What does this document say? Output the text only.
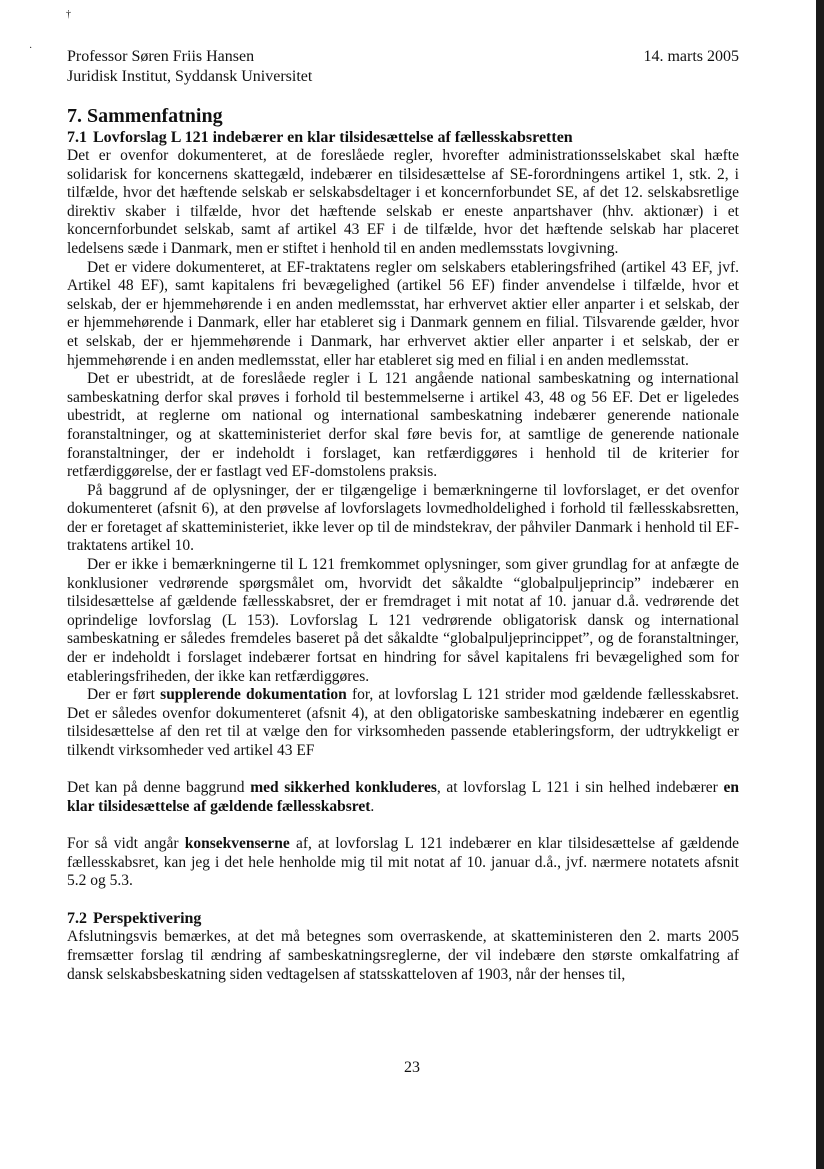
†
· Professor Søren Friis Hansen
Juridisk Institut, Syddansk Universitet
14. marts 2005
7. Sammenfatning
7.1 Lovforslag L 121 indebærer en klar tilsidesættelse af fællesskabsretten

Det er ovenfor dokumenteret, at de foreslåede regler, hvorefter administrationsselskabet skal hæfte solidarisk for koncernens skattegæld, indebærer en tilsidesættelse af SE-forordningens artikel 1, stk. 2, i tilfælde, hvor det hæftende selskab er selskabsdeltager i et koncernforbundet SE, af det 12. selskabsretlige direktiv skaber i tilfælde, hvor det hæftende selskab er eneste anpartshaver (hhv. aktionær) i et koncernforbundet selskab, samt af artikel 43 EF i de tilfælde, hvor det hæftende selskab har placeret ledelsens sæde i Danmark, men er stiftet i henhold til en anden medlemsstats lovgivning.

Det er videre dokumenteret, at EF-traktatens regler om selskabers etableringsfrihed (artikel 43 EF, jvf. Artikel 48 EF), samt kapitalens fri bevægelighed (artikel 56 EF) finder anvendelse i tilfælde, hvor et selskab, der er hjemmehørende i en anden medlemsstat, har erhvervet aktier eller anparter i et selskab, der er hjemmehørende i Danmark, eller har etableret sig i Danmark gennem en filial. Tilsvarende gælder, hvor et selskab, der er hjemmehørende i Danmark, har erhvervet aktier eller anparter i et selskab, der er hjemmehørende i en anden medlemsstat, eller har etableret sig med en filial i en anden medlemsstat.

Det er ubestridt, at de foreslåede regler i L 121 angående national sambeskatning og international sambeskatning derfor skal prøves i forhold til bestemmelserne i artikel 43, 48 og 56 EF. Det er ligeledes ubestridt, at reglerne om national og international sambeskatning indebærer generende nationale foranstaltninger, og at skatteministeriet derfor skal føre bevis for, at samtlige de generende nationale foranstaltninger, der er indeholdt i forslaget, kan retfærdiggøres i henhold til de kriterier for retfærdiggørelse, der er fastlagt ved EF-domstolens praksis.

På baggrund af de oplysninger, der er tilgængelige i bemærkningerne til lovforslaget, er det ovenfor dokumenteret (afsnit 6), at den prøvelse af lovforslagets lovmedholdelighed i forhold til fællesskabsretten, der er foretaget af skatteministeriet, ikke lever op til de mindstekrav, der påhviler Danmark i henhold til EF-traktatens artikel 10.

Der er ikke i bemærkningerne til L 121 fremkommet oplysninger, som giver grundlag for at anfægte de konklusioner vedrørende spørgsmålet om, hvorvidt det såkaldte “globalpuljeprincip” indebærer en tilsidesættelse af gældende fællesskabsret, der er fremdraget i mit notat af 10. januar d.å. vedrørende det oprindelige lovforslag (L 153). Lovforslag L 121 vedrørende obligatorisk dansk og international sambeskatning er således fremdeles baseret på det såkaldte “globalpuljeprincippet”, og de foranstaltninger, der er indeholdt i forslaget indebærer fortsat en hindring for såvel kapitalens fri bevægelighed som for etableringsfriheden, der ikke kan retfærdiggøres.

Der er ført supplerende dokumentation for, at lovforslag L 121 strider mod gældende fællesskabsret. Det er således ovenfor dokumenteret (afsnit 4), at den obligatoriske sambeskatning indebærer en egentlig tilsidesættelse af den ret til at vælge den for virksomheden passende etableringsform, der udtrykkeligt er tilkendt virksomheder ved artikel 43 EF

Det kan på denne baggrund med sikkerhed konkluderes, at lovforslag L 121 i sin helhed indebærer en klar tilsidesættelse af gældende fællesskabsret.

For så vidt angår konsekvenserne af, at lovforslag L 121 indebærer en klar tilsidesættelse af gældende fællesskabsret, kan jeg i det hele henholde mig til mit notat af 10. januar d.å., jvf. nærmere notatets afsnit 5.2 og 5.3.

7.2 Perspektivering

Afslutningsvis bemærkes, at det må betegnes som overraskende, at skatteministeren den 2. marts 2005 fremsætter forslag til ændring af sambeskatningsreglerne, der vil indebære den største omkalfatring af dansk selskabsbeskatning siden vedtagelsen af statsskatteloven af 1903, når der henses til,

23
